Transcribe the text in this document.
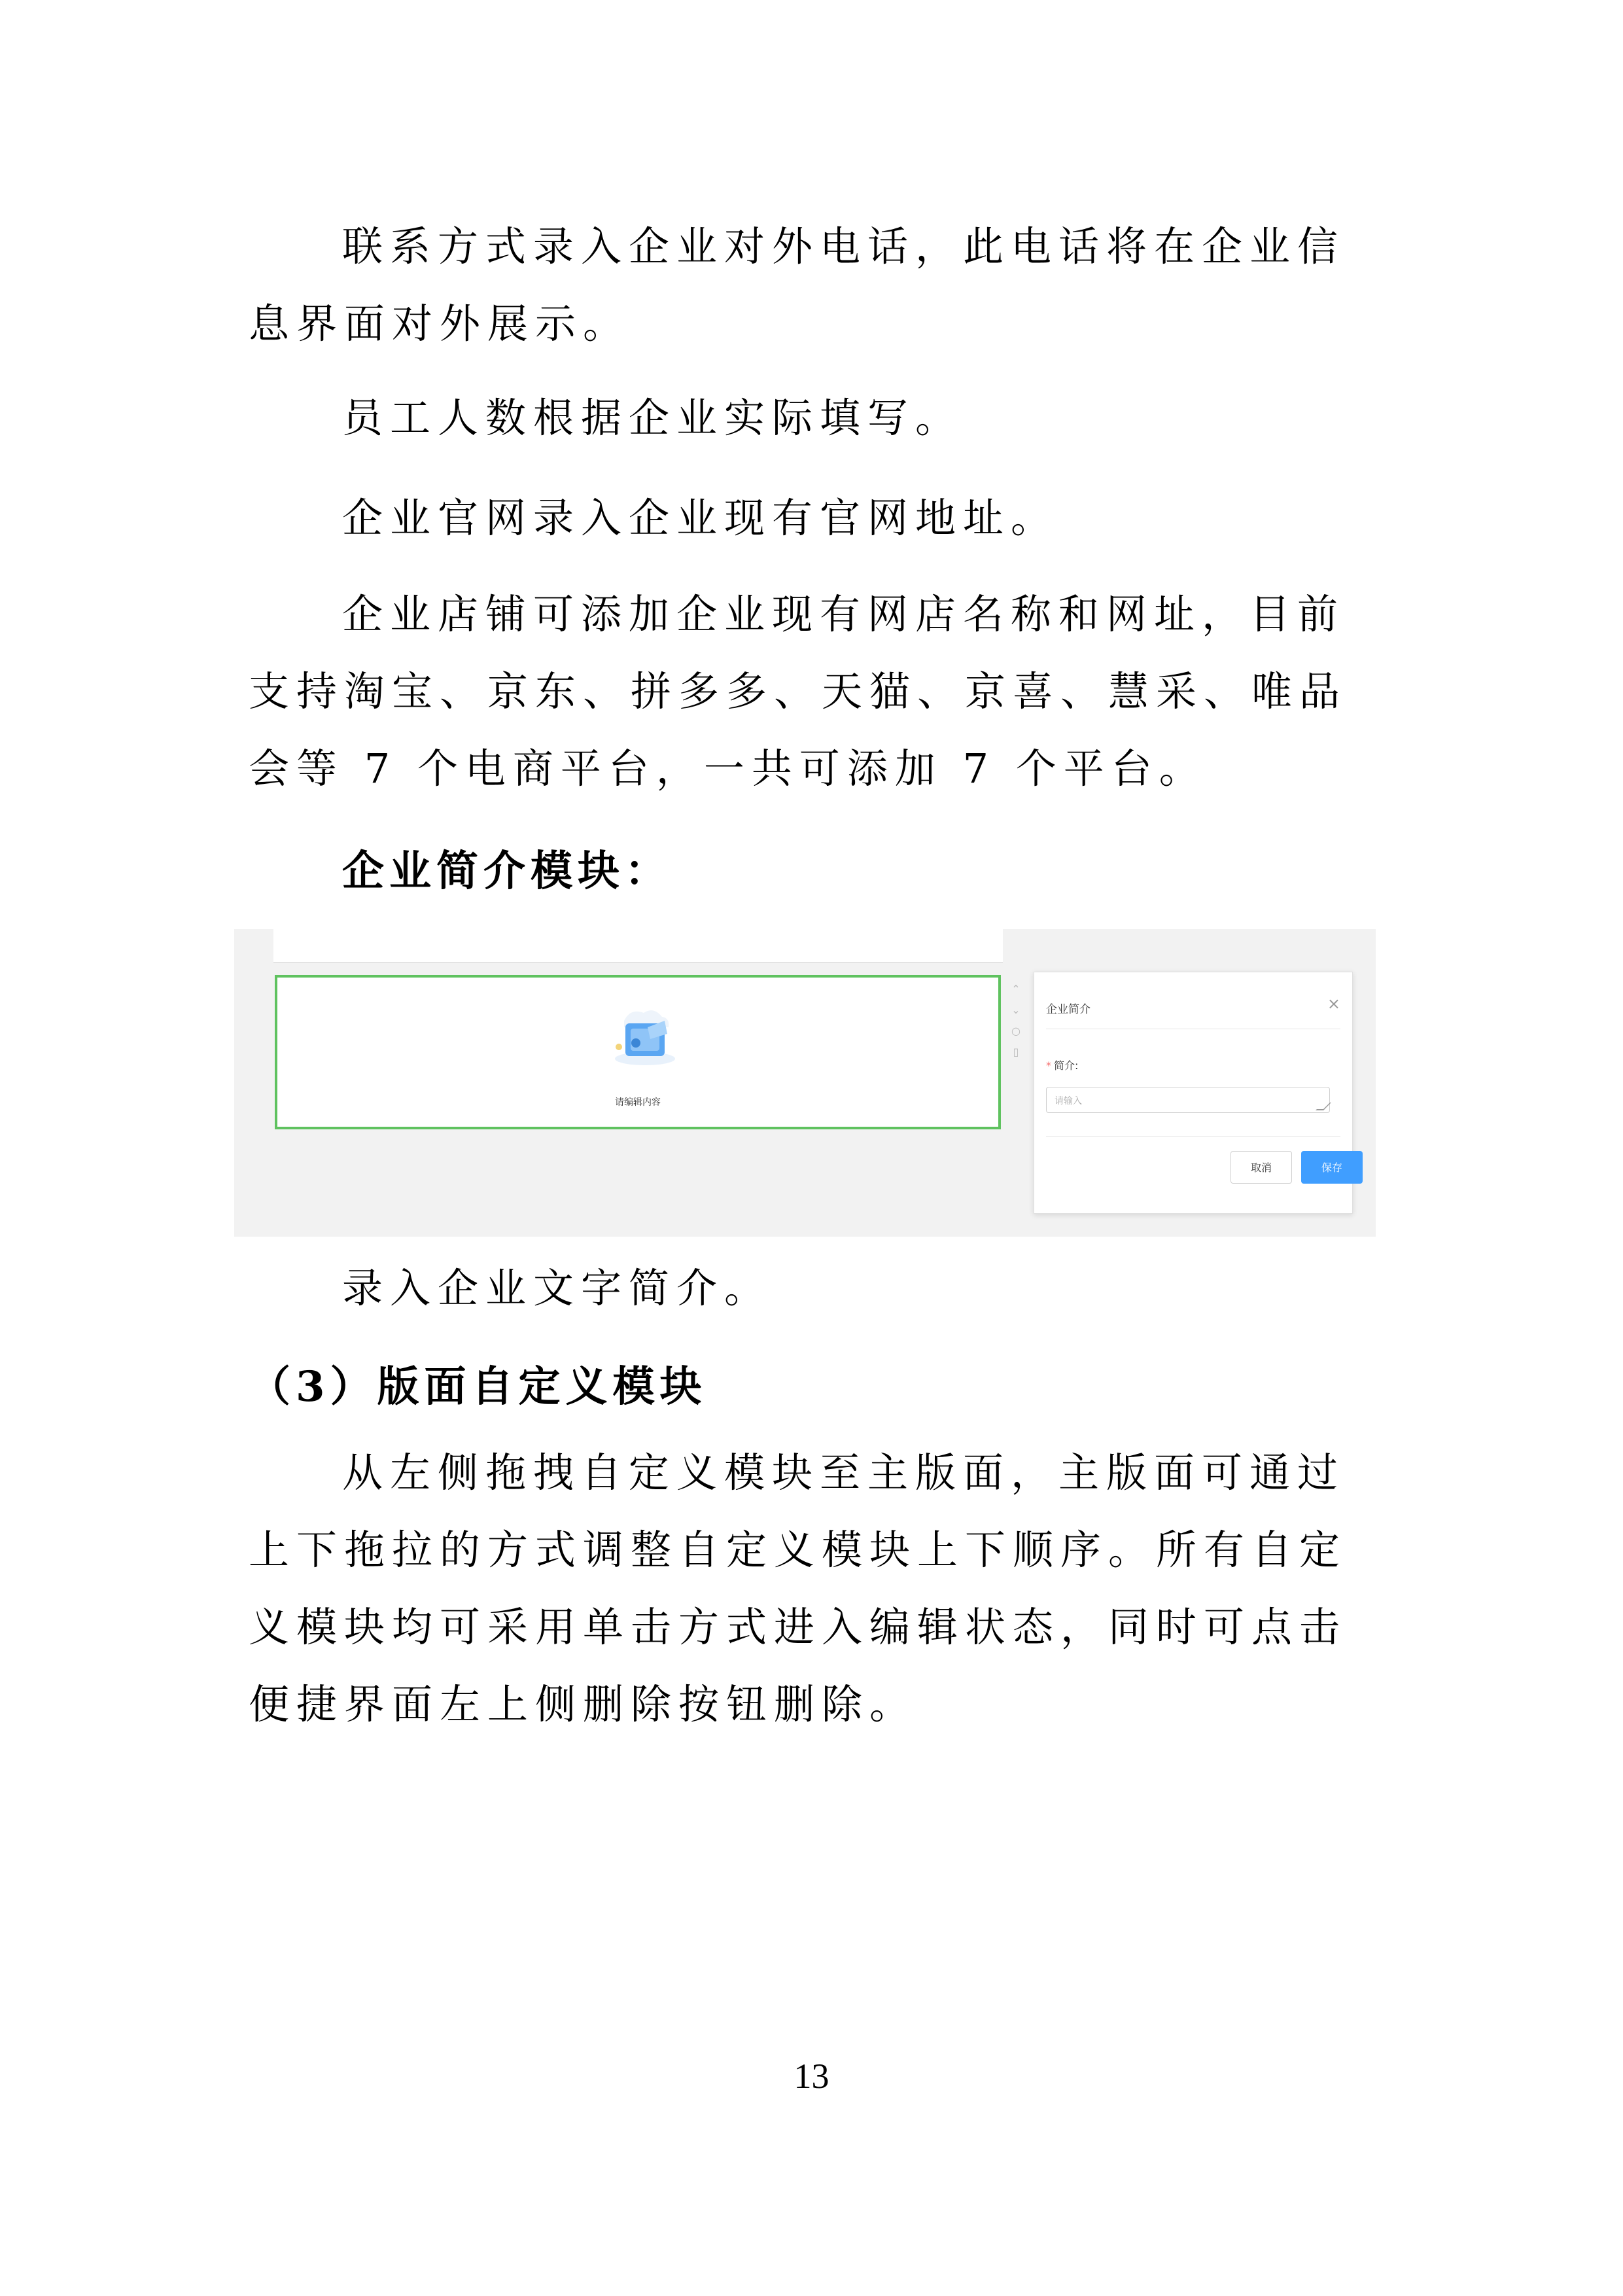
联系方式录入企业对外电话，此电话将在企业信息界面对外展示。

员工人数根据企业实际填写。

企业官网录入企业现有官网地址。

企业店铺可添加企业现有网店名称和网址，目前支持淘宝、京东、拼多多、天猫、京喜、慧采、唯品会等 7 个电商平台，一共可添加 7 个平台。

企业简介模块：
请编辑内容
⌃
⌄
○
▯
企业简介	×
* 简介:
请输入
取消	保存

录入企业文字简介。

（3）版面自定义模块

从左侧拖拽自定义模块至主版面，主版面可通过上下拖拉的方式调整自定义模块上下顺序。所有自定义模块均可采用单击方式进入编辑状态，同时可点击便捷界面左上侧删除按钮删除。

13
